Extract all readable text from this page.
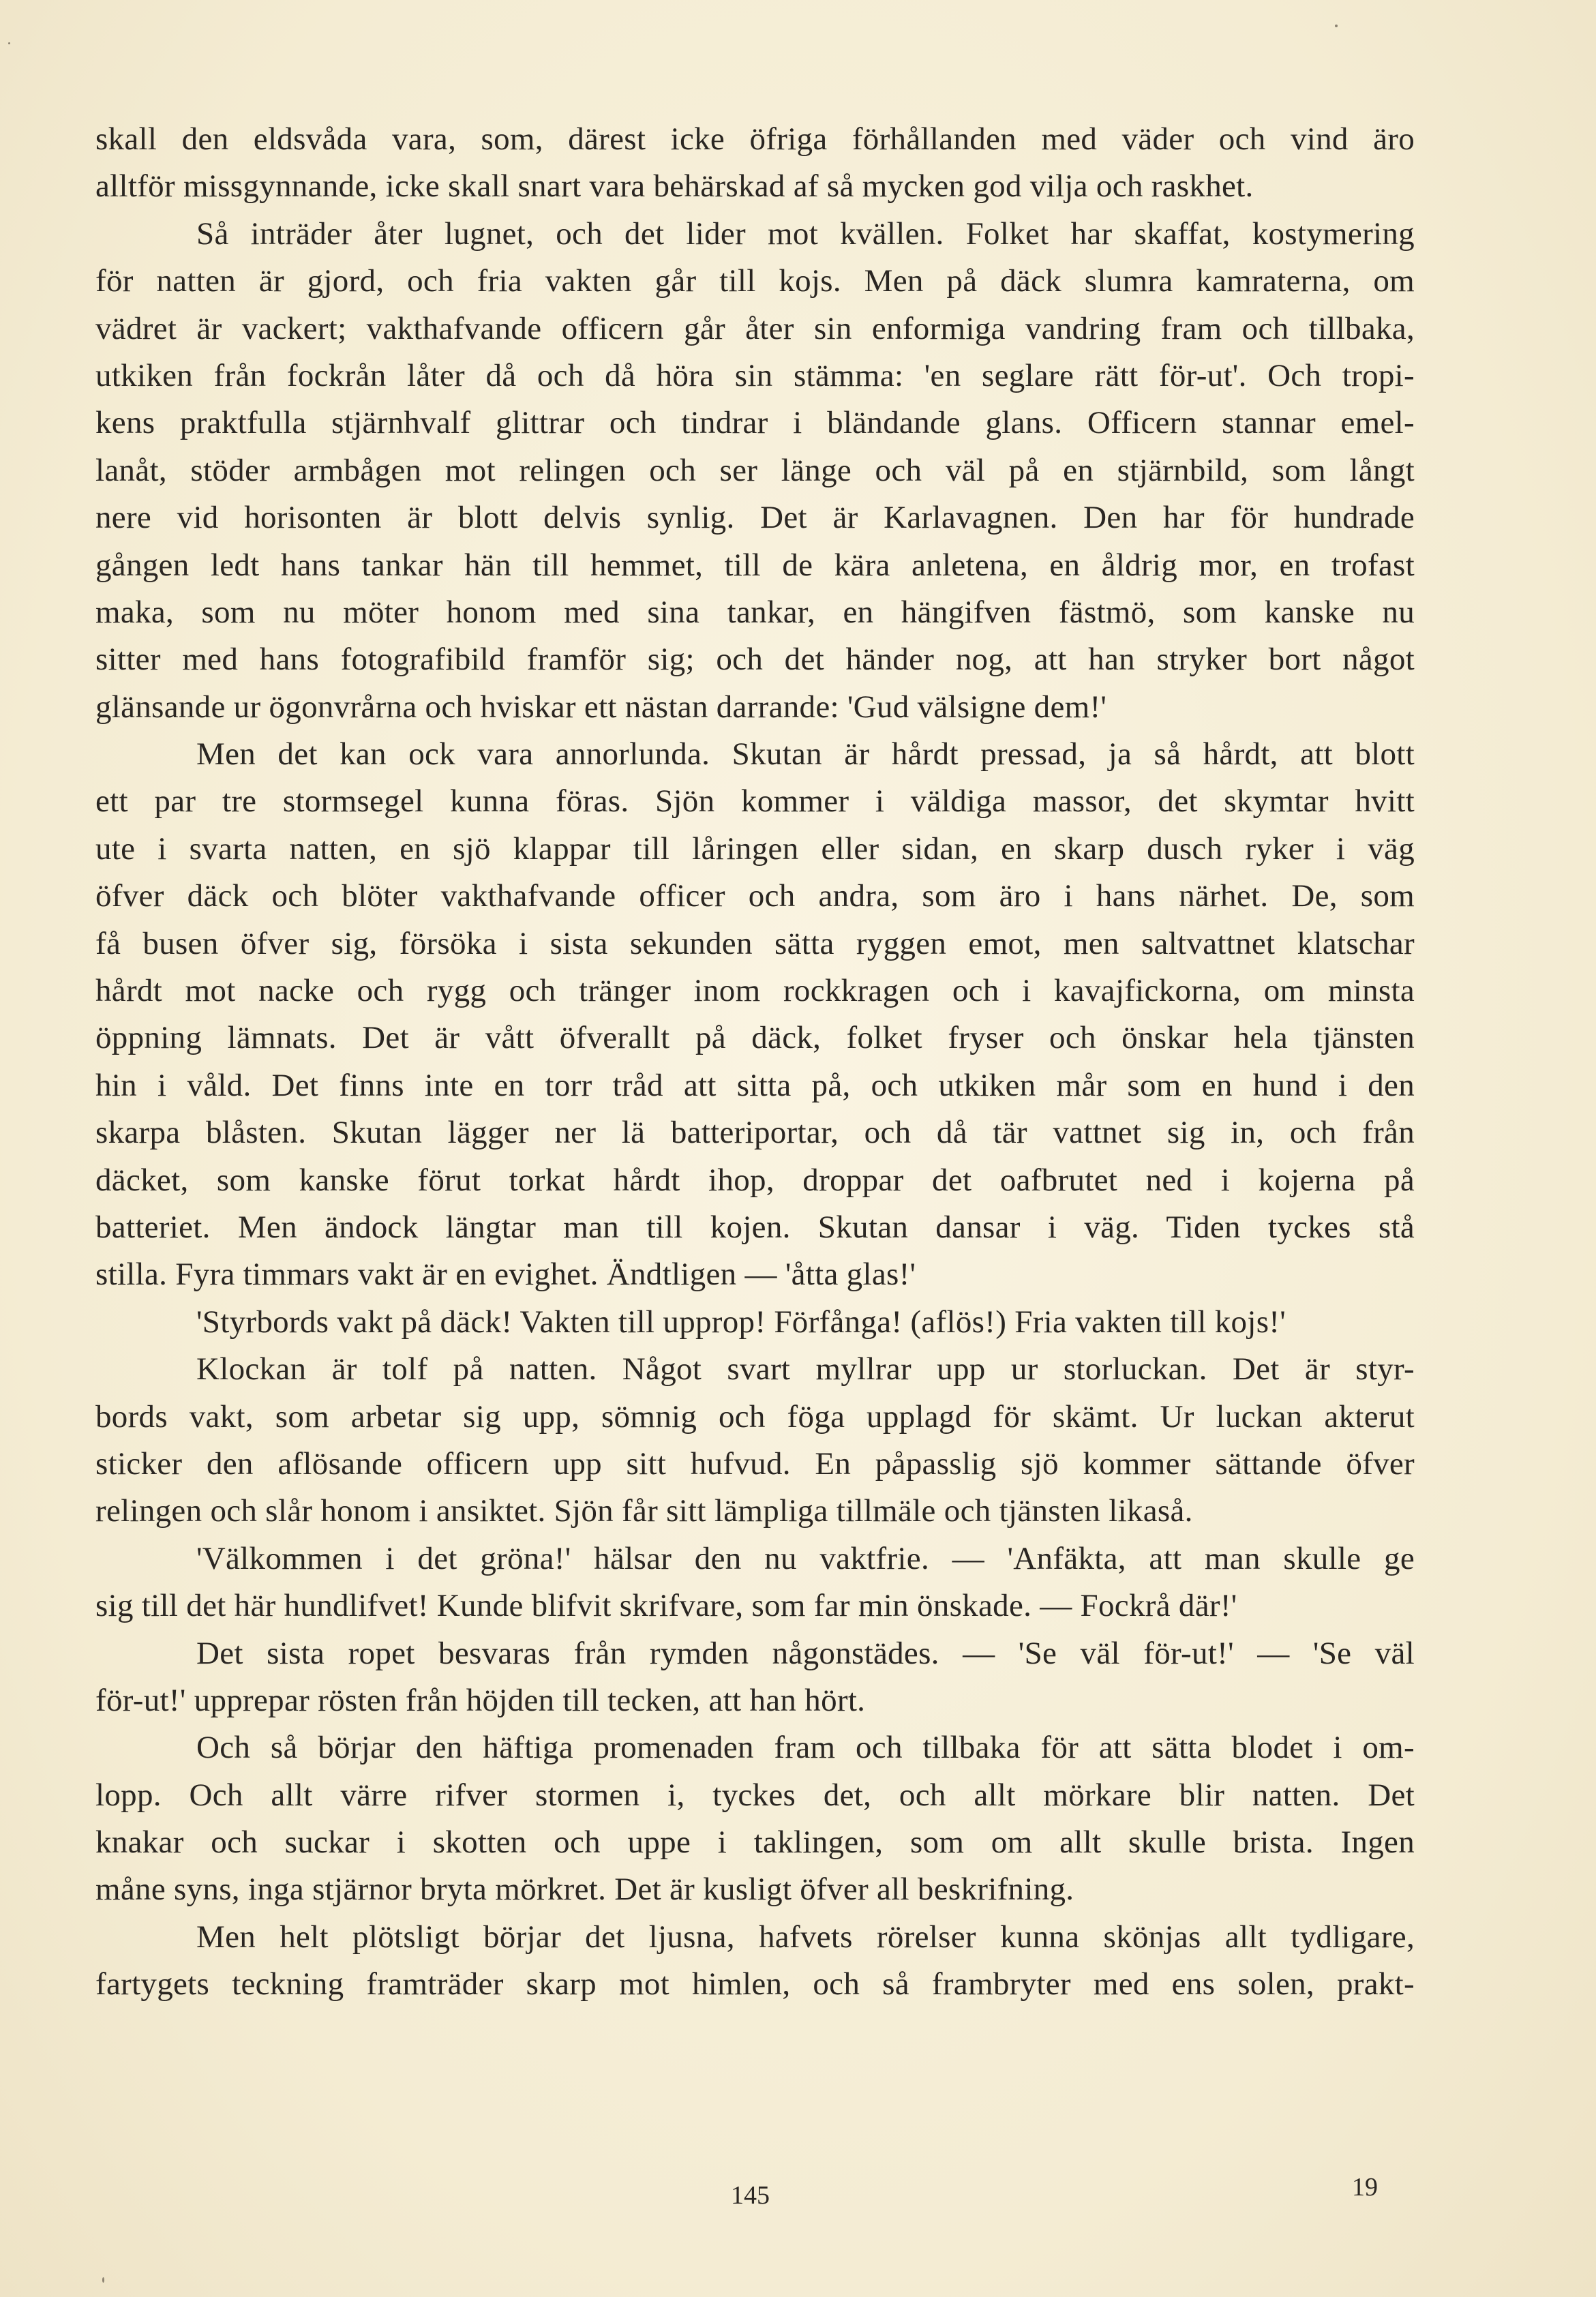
skall den eldsvåda vara, som, därest icke öfriga förhållanden med väder och vind äro
alltför missgynnande, icke skall snart vara behärskad af så mycken god vilja och raskhet.
Så inträder åter lugnet, och det lider mot kvällen. Folket har skaffat, kostymering
för natten är gjord, och fria vakten går till kojs. Men på däck slumra kamraterna, om
vädret är vackert; vakthafvande officern går åter sin enformiga vandring fram och tillbaka,
utkiken från fockrån låter då och då höra sin stämma: 'en seglare rätt för-ut'. Och tropi-
kens praktfulla stjärnhvalf glittrar och tindrar i bländande glans. Officern stannar emel-
lanåt, stöder armbågen mot relingen och ser länge och väl på en stjärnbild, som långt
nere vid horisonten är blott delvis synlig. Det är Karlavagnen. Den har för hundrade
gången ledt hans tankar hän till hemmet, till de kära anletena, en åldrig mor, en trofast
maka, som nu möter honom med sina tankar, en hängifven fästmö, som kanske nu
sitter med hans fotografibild framför sig; och det händer nog, att han stryker bort något
glänsande ur ögonvrårna och hviskar ett nästan darrande: 'Gud välsigne dem!'
Men det kan ock vara annorlunda. Skutan är hårdt pressad, ja så hårdt, att blott
ett par tre stormsegel kunna föras. Sjön kommer i väldiga massor, det skymtar hvitt
ute i svarta natten, en sjö klappar till låringen eller sidan, en skarp dusch ryker i väg
öfver däck och blöter vakthafvande officer och andra, som äro i hans närhet. De, som
få busen öfver sig, försöka i sista sekunden sätta ryggen emot, men saltvattnet klatschar
hårdt mot nacke och rygg och tränger inom rockkragen och i kavajfickorna, om minsta
öppning lämnats. Det är vått öfverallt på däck, folket fryser och önskar hela tjänsten
hin i våld. Det finns inte en torr tråd att sitta på, och utkiken mår som en hund i den
skarpa blåsten. Skutan lägger ner lä batteriportar, och då tär vattnet sig in, och från
däcket, som kanske förut torkat hårdt ihop, droppar det oafbrutet ned i kojerna på
batteriet. Men ändock längtar man till kojen. Skutan dansar i väg. Tiden tyckes stå
stilla. Fyra timmars vakt är en evighet. Ändtligen — 'åtta glas!'
'Styrbords vakt på däck! Vakten till upprop! Förfånga! (aflös!) Fria vakten till kojs!'
Klockan är tolf på natten. Något svart myllrar upp ur storluckan. Det är styr-
bords vakt, som arbetar sig upp, sömnig och föga upplagd för skämt. Ur luckan akterut
sticker den aflösande officern upp sitt hufvud. En påpasslig sjö kommer sättande öfver
relingen och slår honom i ansiktet. Sjön får sitt lämpliga tillmäle och tjänsten likaså.
'Välkommen i det gröna!' hälsar den nu vaktfrie. — 'Anfäkta, att man skulle ge
sig till det här hundlifvet! Kunde blifvit skrifvare, som far min önskade. — Fockrå där!'
Det sista ropet besvaras från rymden någonstädes. — 'Se väl för-ut!' — 'Se väl
för-ut!' upprepar rösten från höjden till tecken, att han hört.
Och så börjar den häftiga promenaden fram och tillbaka för att sätta blodet i om-
lopp. Och allt värre rifver stormen i, tyckes det, och allt mörkare blir natten. Det
knakar och suckar i skotten och uppe i taklingen, som om allt skulle brista. Ingen
måne syns, inga stjärnor bryta mörkret. Det är kusligt öfver all beskrifning.
Men helt plötsligt börjar det ljusna, hafvets rörelser kunna skönjas allt tydligare,
fartygets teckning framträder skarp mot himlen, och så frambryter med ens solen, prakt-
145	19
